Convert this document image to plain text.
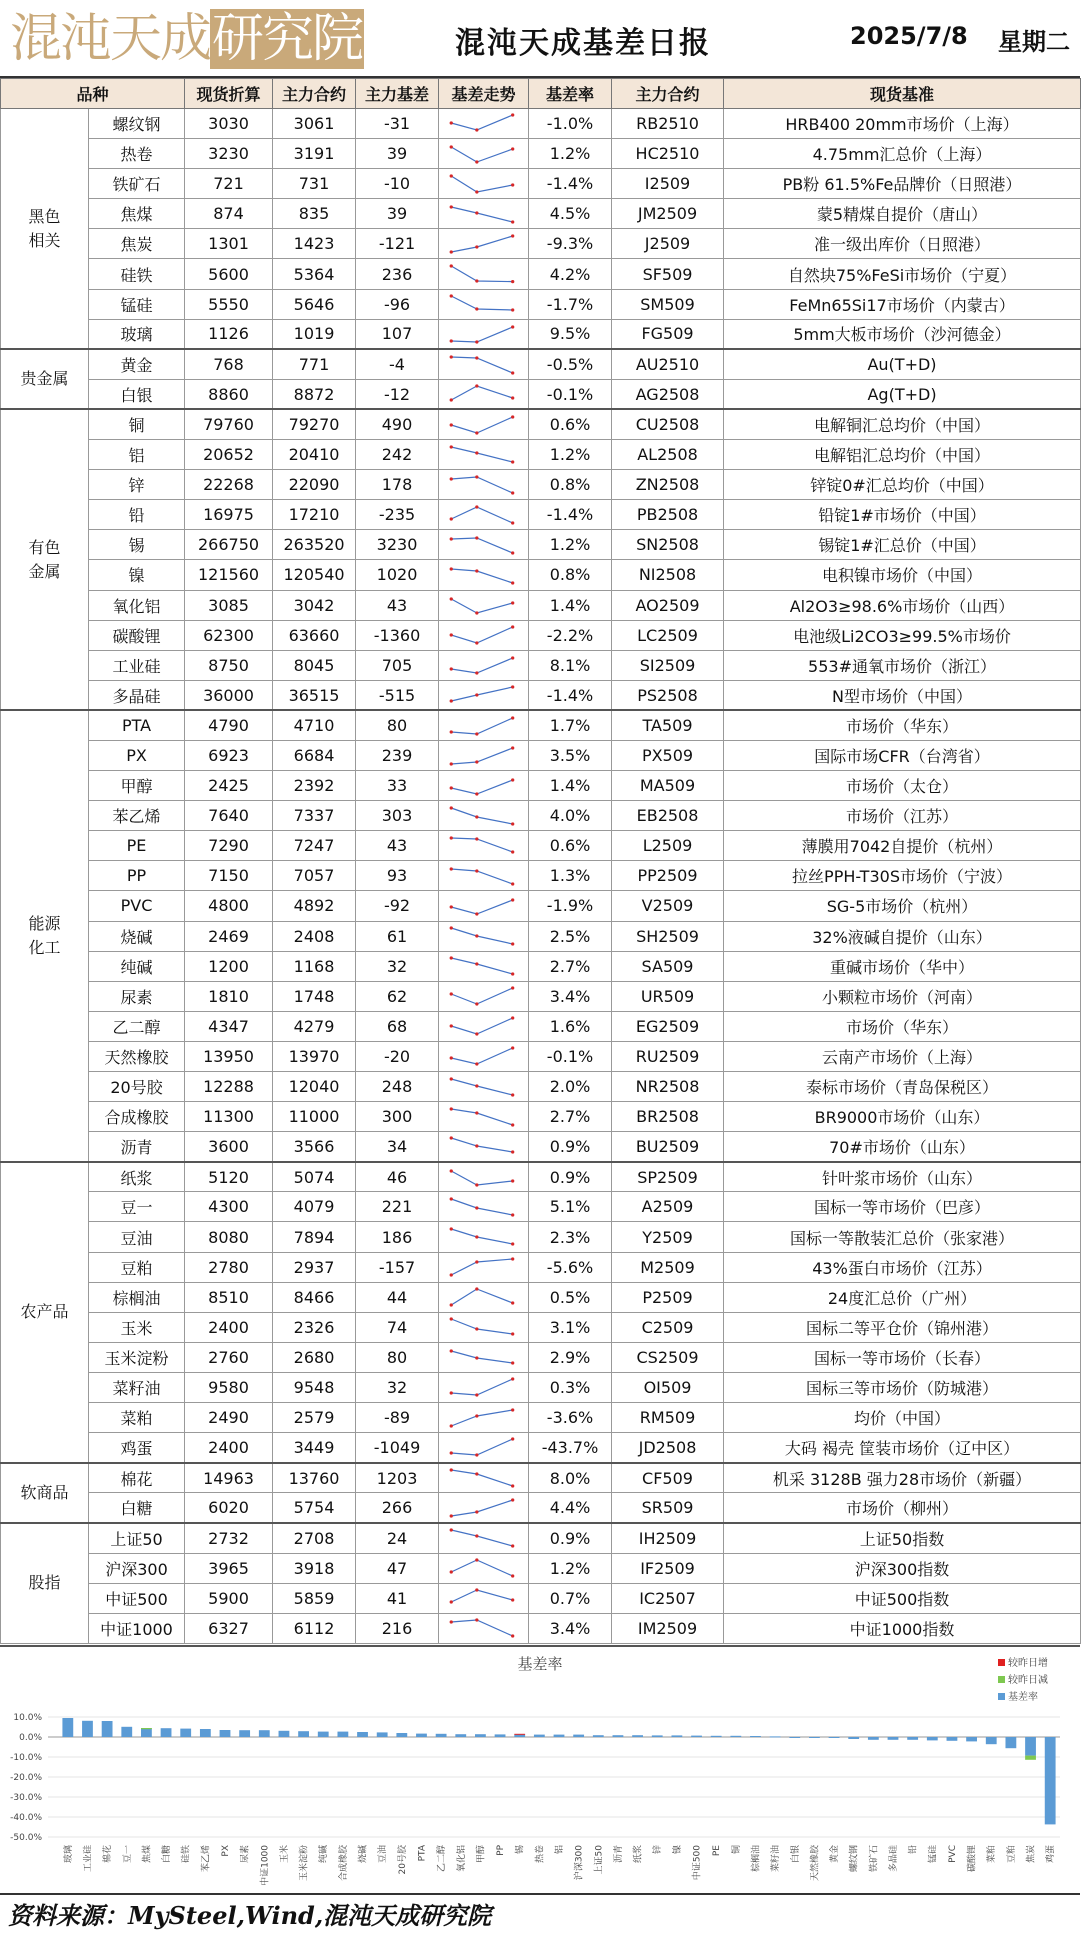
混沌天成研究院	混沌天成基差日报	2025/7/8 星期二
品种		现货折算	主力合约	主力基差	基差走势	基差率	主力合约	现货基准
黑色
相关	螺纹钢	3030	3061	-31		-1.0%	RB2510	HRB400 20mm市场价（上海）
	热卷	3230	3191	39		1.2%	HC2510	4.75mm汇总价（上海）
	铁矿石	721	731	-10		-1.4%	I2509	PB粉 61.5%Fe品牌价（日照港）
	焦煤	874	835	39		4.5%	JM2509	蒙5精煤自提价（唐山）
	焦炭	1301	1423	-121		-9.3%	J2509	准一级出库价（日照港）
	硅铁	5600	5364	236		4.2%	SF509	自然块75%FeSi市场价（宁夏）
	锰硅	5550	5646	-96		-1.7%	SM509	FeMn65Si17市场价（内蒙古）
	玻璃	1126	1019	107		9.5%	FG509	5mm大板市场价（沙河德金）
贵金属	黄金	768	771	-4		-0.5%	AU2510	Au(T+D)
	白银	8860	8872	-12		-0.1%	AG2508	Ag(T+D)
有色
金属	铜	79760	79270	490		0.6%	CU2508	电解铜汇总均价（中国）
	铝	20652	20410	242		1.2%	AL2508	电解铝汇总均价（中国）
	锌	22268	22090	178		0.8%	ZN2508	锌锭0#汇总均价（中国）
	铅	16975	17210	-235		-1.4%	PB2508	铅锭1#市场价（中国）
	锡	266750	263520	3230		1.2%	SN2508	锡锭1#汇总价（中国）
	镍	121560	120540	1020		0.8%	NI2508	电积镍市场价（中国）
	氧化铝	3085	3042	43		1.4%	AO2509	Al2O3≥98.6%市场价（山西）
	碳酸锂	62300	63660	-1360		-2.2%	LC2509	电池级Li2CO3≥99.5%市场价
	工业硅	8750	8045	705		8.1%	SI2509	553#通氧市场价（浙江）
	多晶硅	36000	36515	-515		-1.4%	PS2508	N型市场价（中国）
能源
化工	PTA	4790	4710	80		1.7%	TA509	市场价（华东）
	PX	6923	6684	239		3.5%	PX509	国际市场CFR（台湾省）
	甲醇	2425	2392	33		1.4%	MA509	市场价（太仓）
	苯乙烯	7640	7337	303		4.0%	EB2508	市场价（江苏）
	PE	7290	7247	43		0.6%	L2509	薄膜用7042自提价（杭州）
	PP	7150	7057	93		1.3%	PP2509	拉丝PPH-T30S市场价（宁波）
	PVC	4800	4892	-92		-1.9%	V2509	SG-5市场价（杭州）
	烧碱	2469	2408	61		2.5%	SH2509	32%液碱自提价（山东）
	纯碱	1200	1168	32		2.7%	SA509	重碱市场价（华中）
	尿素	1810	1748	62		3.4%	UR509	小颗粒市场价（河南）
	乙二醇	4347	4279	68		1.6%	EG2509	市场价（华东）
	天然橡胶	13950	13970	-20		-0.1%	RU2509	云南产市场价（上海）
	20号胶	12288	12040	248		2.0%	NR2508	泰标市场价（青岛保税区）
	合成橡胶	11300	11000	300		2.7%	BR2508	BR9000市场价（山东）
	沥青	3600	3566	34		0.9%	BU2509	70#市场价（山东）
农产品	纸浆	5120	5074	46		0.9%	SP2509	针叶浆市场价（山东）
	豆一	4300	4079	221		5.1%	A2509	国标一等市场价（巴彦）
	豆油	8080	7894	186		2.3%	Y2509	国标一等散装汇总价（张家港）
	豆粕	2780	2937	-157		-5.6%	M2509	43%蛋白市场价（江苏）
	棕榈油	8510	8466	44		0.5%	P2509	24度汇总价（广州）
	玉米	2400	2326	74		3.1%	C2509	国标二等平仓价（锦州港）
	玉米淀粉	2760	2680	80		2.9%	CS2509	国标一等市场价（长春）
	菜籽油	9580	9548	32		0.3%	OI509	国标三等市场价（防城港）
	菜粕	2490	2579	-89		-3.6%	RM509	均价（中国）
	鸡蛋	2400	3449	-1049		-43.7%	JD2508	大码 褐壳 筐装市场价（辽中区）
软商品	棉花	14963	13760	1203		8.0%	CF509	机采 3128B 强力28市场价（新疆）
	白糖	6020	5754	266		4.4%	SR509	市场价（柳州）
股指	上证50	2732	2708	24		0.9%	IH2509	上证50指数
	沪深300	3965	3918	47		1.2%	IF2509	沪深300指数
	中证500	5900	5859	41		0.7%	IC2507	中证500指数
	中证1000	6327	6112	216		3.4%	IM2509	中证1000指数
基差率	较昨日增
较昨日减
基差率
10.0%
0.0%
-10.0%
-20.0%
-30.0%
-40.0%
-50.0%
玻璃 工业硅 棉花 豆一 焦煤 白糖 硅铁 苯乙烯 PX 尿素 中证1000 玉米 玉米淀粉 纯碱 合成橡胶 烧碱 豆油 20号胶 PTA 乙二醇 氧化铝 甲醇 PP 锡 热卷 铝 沪深300 上证50 沥青 纸浆 锌 镍 中证500 PE 铜 棕榈油 菜籽油 白银 天然橡胶 黄金 螺纹钢 铁矿石 多晶硅 铅 锰硅 PVC 碳酸锂 菜粕 豆粕 焦炭 鸡蛋
资料来源：MySteel,Wind,混沌天成研究院
